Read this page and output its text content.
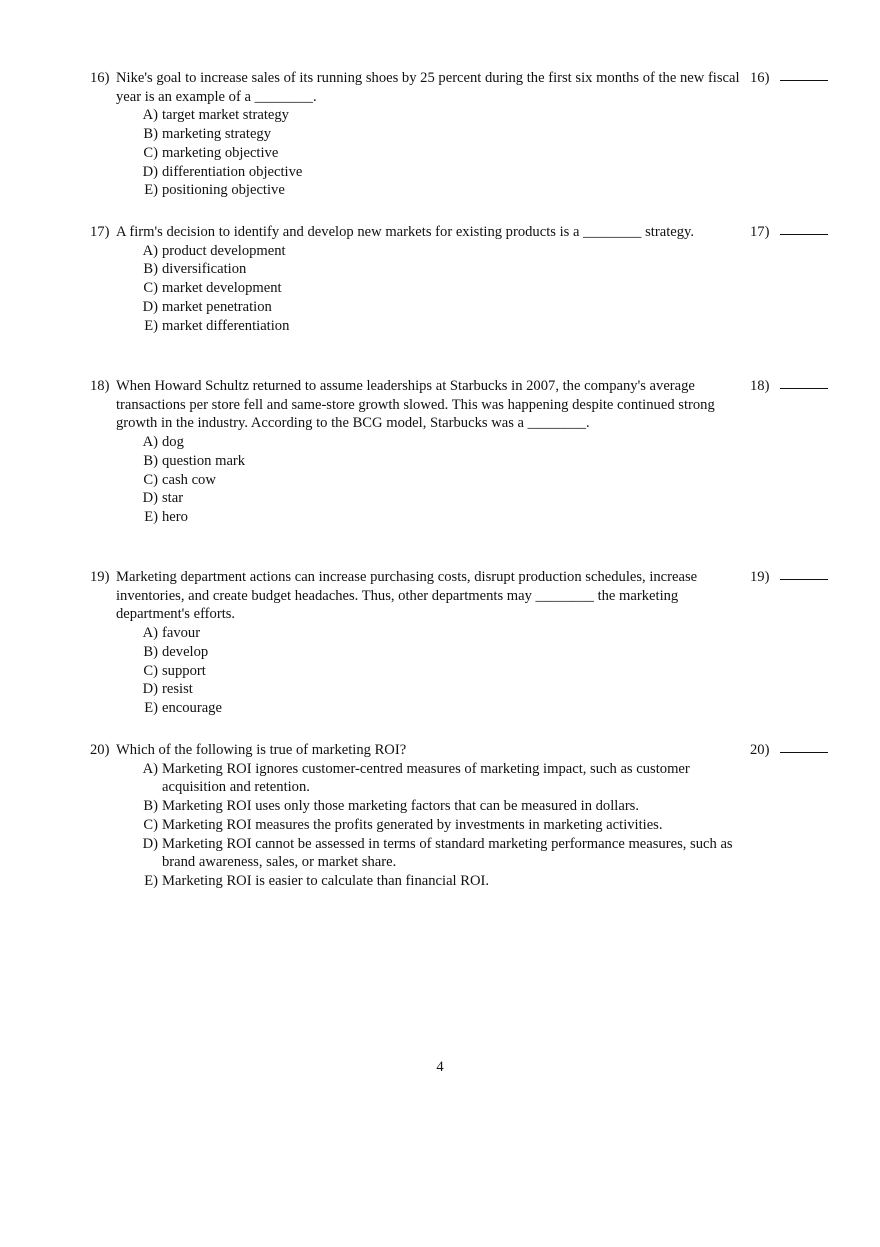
16) Nike's goal to increase sales of its running shoes by 25 percent during the first six months of the new fiscal year is an example of a ________.
A) target market strategy
B) marketing strategy
C) marketing objective
D) differentiation objective
E) positioning objective
16)
17) A firm's decision to identify and develop new markets for existing products is a ________ strategy.
A) product development
B) diversification
C) market development
D) market penetration
E) market differentiation
17)
18) When Howard Schultz returned to assume leaderships at Starbucks in 2007, the company's average transactions per store fell and same-store growth slowed. This was happening despite continued strong growth in the industry. According to the BCG model, Starbucks was a ________.
A) dog
B) question mark
C) cash cow
D) star
E) hero
18)
19) Marketing department actions can increase purchasing costs, disrupt production schedules, increase inventories, and create budget headaches. Thus, other departments may ________ the marketing department's efforts.
A) favour
B) develop
C) support
D) resist
E) encourage
19)
20) Which of the following is true of marketing ROI?
A) Marketing ROI ignores customer-centred measures of marketing impact, such as customer acquisition and retention.
B) Marketing ROI uses only those marketing factors that can be measured in dollars.
C) Marketing ROI measures the profits generated by investments in marketing activities.
D) Marketing ROI cannot be assessed in terms of standard marketing performance measures, such as brand awareness, sales, or market share.
E) Marketing ROI is easier to calculate than financial ROI.
20)
4
